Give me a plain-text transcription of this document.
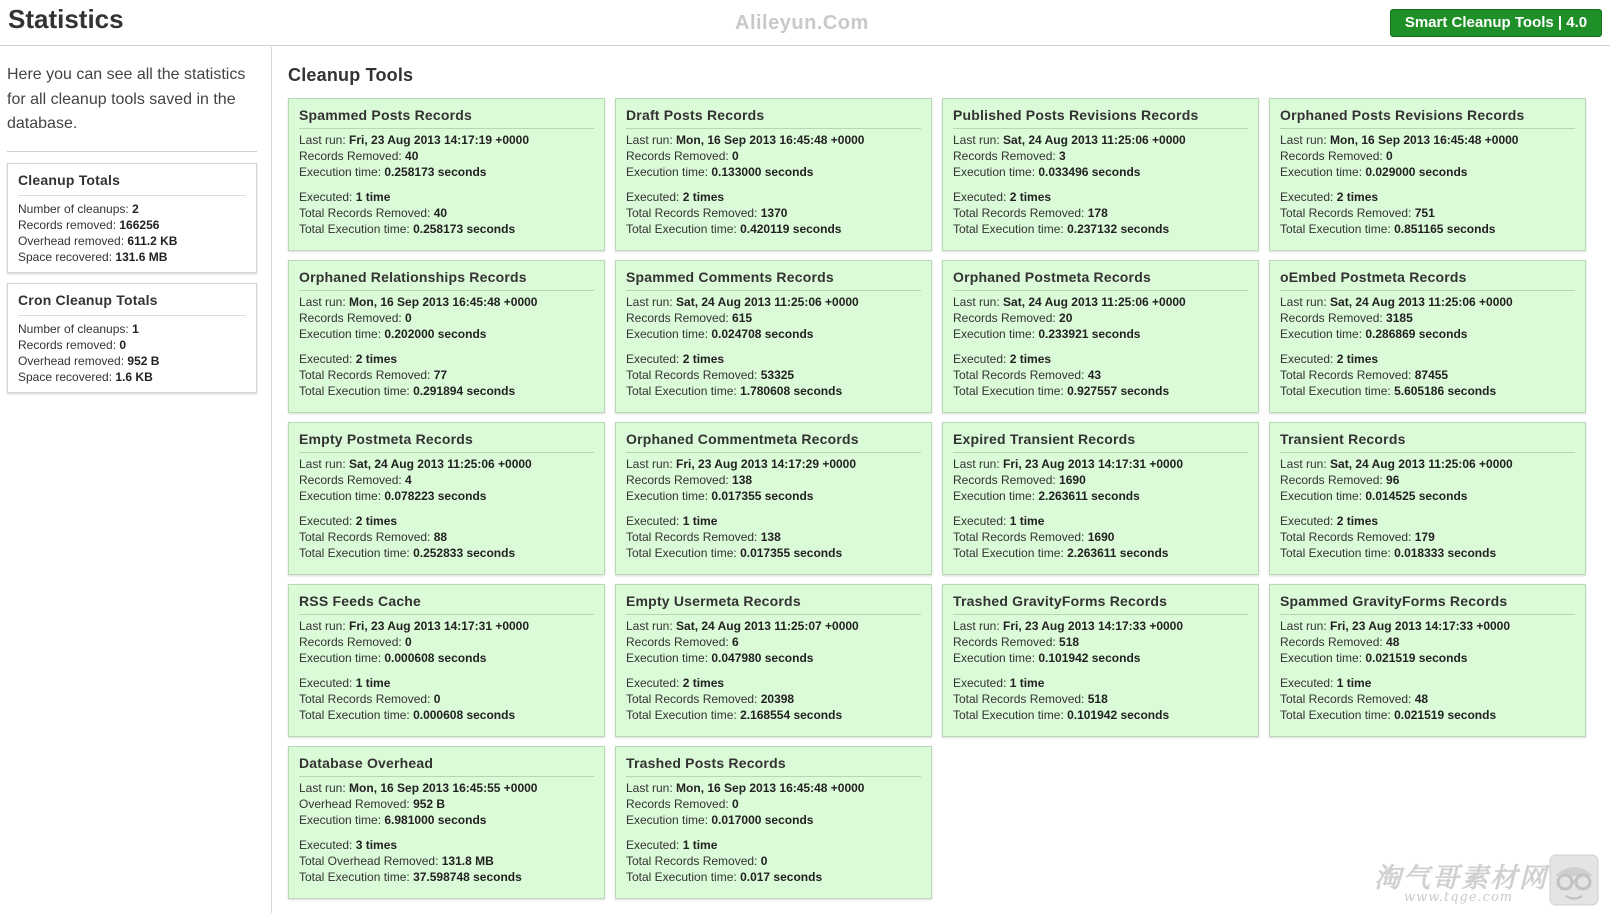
Statistics	Alileyun.Com	Smart Cleanup Tools | 4.0
Here you can see all the statistics for all cleanup tools saved in the database.
Cleanup Totals
Number of cleanups: 2
Records removed: 166256
Overhead removed: 611.2 KB
Space recovered: 131.6 MB
Cron Cleanup Totals
Number of cleanups: 1
Records removed: 0
Overhead removed: 952 B
Space recovered: 1.6 KB
Cleanup Tools
Spammed Posts Records
Last run: Fri, 23 Aug 2013 14:17:19 +0000
Records Removed: 40
Execution time: 0.258173 seconds
Executed: 1 time
Total Records Removed: 40
Total Execution time: 0.258173 seconds
Draft Posts Records
Last run: Mon, 16 Sep 2013 16:45:48 +0000
Records Removed: 0
Execution time: 0.133000 seconds
Executed: 2 times
Total Records Removed: 1370
Total Execution time: 0.420119 seconds
Published Posts Revisions Records
Last run: Sat, 24 Aug 2013 11:25:06 +0000
Records Removed: 3
Execution time: 0.033496 seconds
Executed: 2 times
Total Records Removed: 178
Total Execution time: 0.237132 seconds
Orphaned Posts Revisions Records
Last run: Mon, 16 Sep 2013 16:45:48 +0000
Records Removed: 0
Execution time: 0.029000 seconds
Executed: 2 times
Total Records Removed: 751
Total Execution time: 0.851165 seconds
Orphaned Relationships Records
Last run: Mon, 16 Sep 2013 16:45:48 +0000
Records Removed: 0
Execution time: 0.202000 seconds
Executed: 2 times
Total Records Removed: 77
Total Execution time: 0.291894 seconds
Spammed Comments Records
Last run: Sat, 24 Aug 2013 11:25:06 +0000
Records Removed: 615
Execution time: 0.024708 seconds
Executed: 2 times
Total Records Removed: 53325
Total Execution time: 1.780608 seconds
Orphaned Postmeta Records
Last run: Sat, 24 Aug 2013 11:25:06 +0000
Records Removed: 20
Execution time: 0.233921 seconds
Executed: 2 times
Total Records Removed: 43
Total Execution time: 0.927557 seconds
oEmbed Postmeta Records
Last run: Sat, 24 Aug 2013 11:25:06 +0000
Records Removed: 3185
Execution time: 0.286869 seconds
Executed: 2 times
Total Records Removed: 87455
Total Execution time: 5.605186 seconds
Empty Postmeta Records
Last run: Sat, 24 Aug 2013 11:25:06 +0000
Records Removed: 4
Execution time: 0.078223 seconds
Executed: 2 times
Total Records Removed: 88
Total Execution time: 0.252833 seconds
Orphaned Commentmeta Records
Last run: Fri, 23 Aug 2013 14:17:29 +0000
Records Removed: 138
Execution time: 0.017355 seconds
Executed: 1 time
Total Records Removed: 138
Total Execution time: 0.017355 seconds
Expired Transient Records
Last run: Fri, 23 Aug 2013 14:17:31 +0000
Records Removed: 1690
Execution time: 2.263611 seconds
Executed: 1 time
Total Records Removed: 1690
Total Execution time: 2.263611 seconds
Transient Records
Last run: Sat, 24 Aug 2013 11:25:06 +0000
Records Removed: 96
Execution time: 0.014525 seconds
Executed: 2 times
Total Records Removed: 179
Total Execution time: 0.018333 seconds
RSS Feeds Cache
Last run: Fri, 23 Aug 2013 14:17:31 +0000
Records Removed: 0
Execution time: 0.000608 seconds
Executed: 1 time
Total Records Removed: 0
Total Execution time: 0.000608 seconds
Empty Usermeta Records
Last run: Sat, 24 Aug 2013 11:25:07 +0000
Records Removed: 6
Execution time: 0.047980 seconds
Executed: 2 times
Total Records Removed: 20398
Total Execution time: 2.168554 seconds
Trashed GravityForms Records
Last run: Fri, 23 Aug 2013 14:17:33 +0000
Records Removed: 518
Execution time: 0.101942 seconds
Executed: 1 time
Total Records Removed: 518
Total Execution time: 0.101942 seconds
Spammed GravityForms Records
Last run: Fri, 23 Aug 2013 14:17:33 +0000
Records Removed: 48
Execution time: 0.021519 seconds
Executed: 1 time
Total Records Removed: 48
Total Execution time: 0.021519 seconds
Database Overhead
Last run: Mon, 16 Sep 2013 16:45:55 +0000
Overhead Removed: 952 B
Execution time: 6.981000 seconds
Executed: 3 times
Total Overhead Removed: 131.8 MB
Total Execution time: 37.598748 seconds
Trashed Posts Records
Last run: Mon, 16 Sep 2013 16:45:48 +0000
Records Removed: 0
Execution time: 0.017000 seconds
Executed: 1 time
Total Records Removed: 0
Total Execution time: 0.017 seconds	淘气哥素材网
www.tqge.com
